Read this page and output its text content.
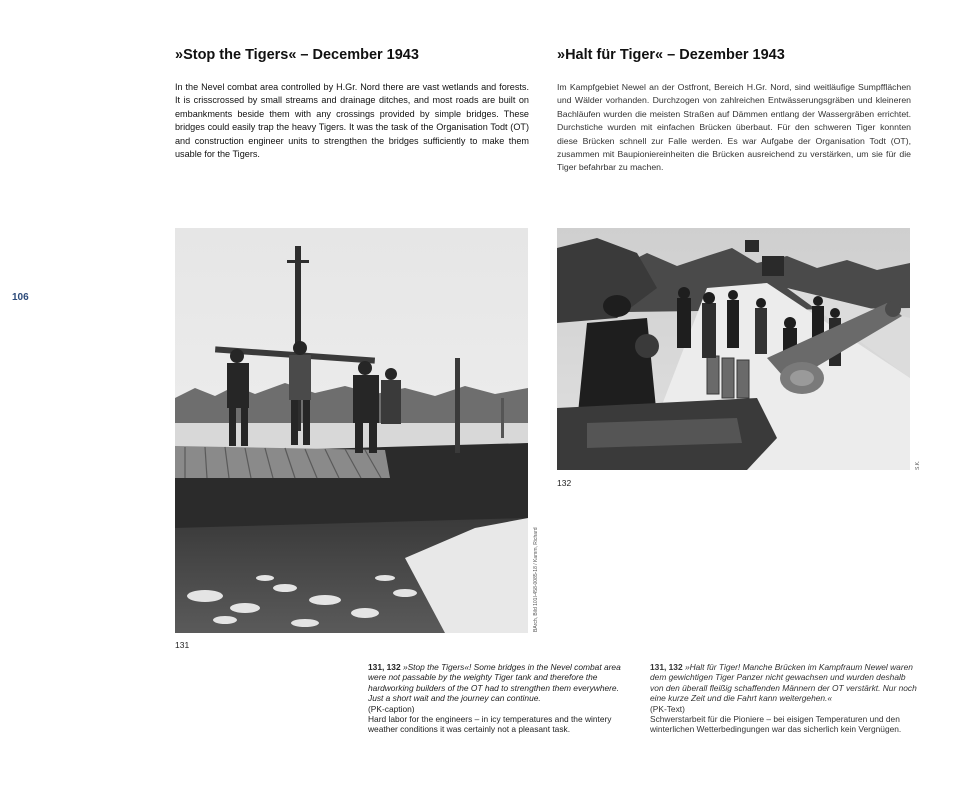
106
»Stop the Tigers« – December 1943	»Halt für Tiger« – Dezember 1943

In the Nevel combat area controlled by H.Gr. Nord there are vast wetlands and forests. It is crisscrossed by small streams and drainage ditches, and most roads are built on embankments beside them with any crossings provided by simple bridges. These bridges could easily trap the heavy Tigers. It was the task of the Organisation Todt (OT) and construction engineer units to strengthen the bridges sufficiently to make them usable for the Tigers.

Im Kampfgebiet Newel an der Ostfront, Bereich H.Gr. Nord, sind weitläufige Sumpfflächen und Wälder vorhanden. Durchzogen von zahlreichen Entwässerungsgräben und kleineren Bachläufen wurden die meisten Straßen auf Dämmen entlang der Wassergräben errichtet. Durchstiche wurden mit einfachen Brücken überbaut. Für den schweren Tiger konnten diese Brücken schnell zur Falle werden. Es war Aufgabe der Organisation Todt (OT), zusammen mit Baupioniereinheiten die Brücken ausreichend zu verstärken, um sie für die Tiger befahrbar zu machen.

131
BArch, Bild 101I-458-0085-18 / Kamm, Richard
132
S.K.

131, 132 »Stop the Tigers«! Some bridges in the Nevel combat area were not passable by the weighty Tiger tank and therefore the hardworking builders of the OT had to strengthen them everywhere. Just a short wait and the journey can continue.
(PK-caption)
Hard labor for the engineers – in icy temperatures and the wintery weather conditions it was certainly not a pleasant task.

131, 132 »Halt für Tiger! Manche Brücken im Kampfraum Newel waren dem gewichtigen Tiger Panzer nicht gewachsen und wurden deshalb von den überall fleißig schaffenden Männern der OT verstärkt. Nur noch eine kurze Zeit und die Fahrt kann weitergehen.«
(PK-Text)
Schwerstarbeit für die Pioniere – bei eisigen Temperaturen und den winterlichen Wetterbedingungen war das sicherlich kein Vergnügen.
